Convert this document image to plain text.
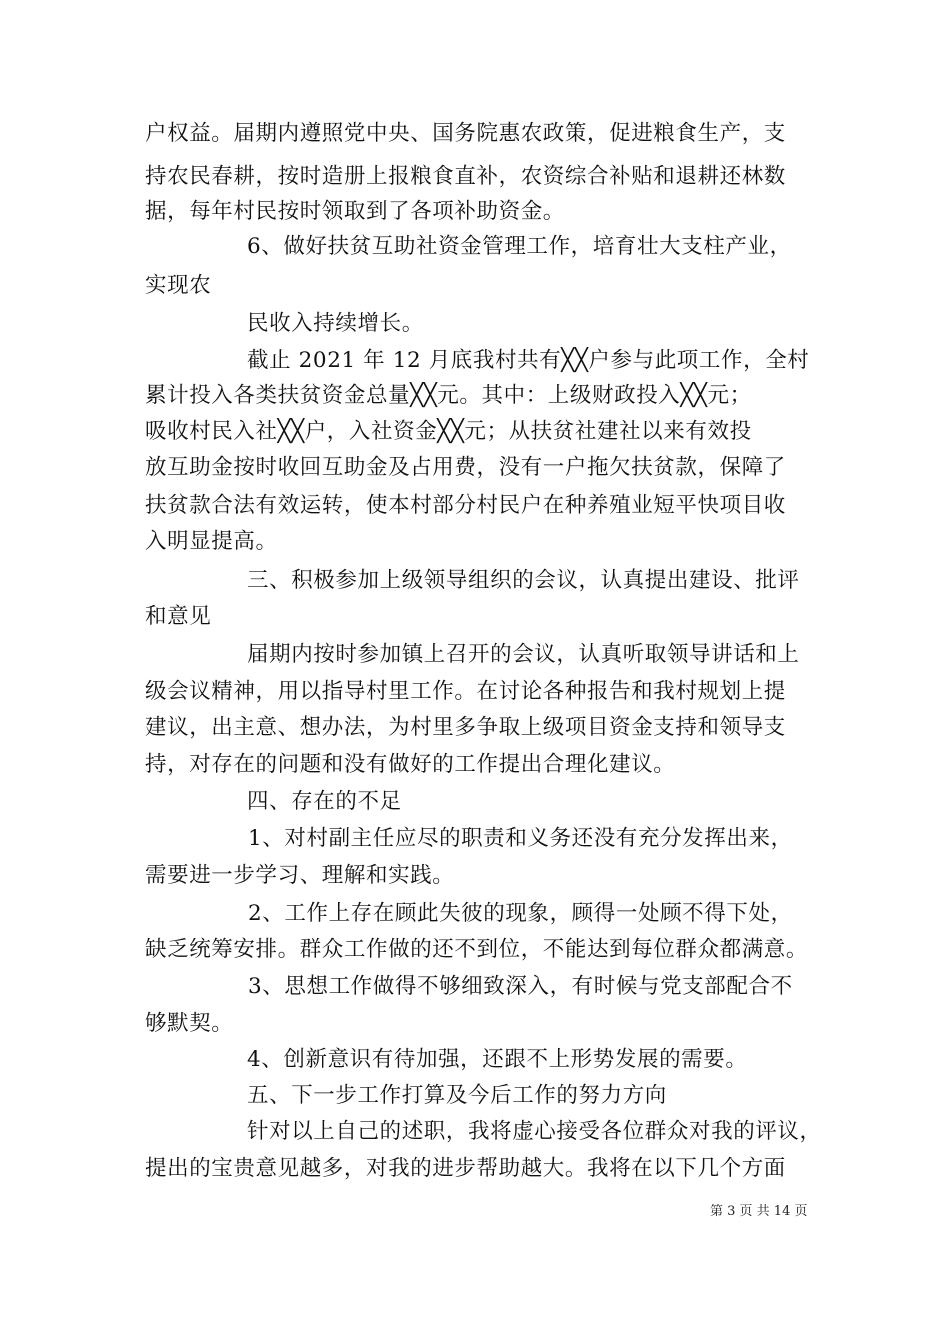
户权益。届期内遵照党中央、国务院惠农政策，促进粮食生产，支
持农民春耕，按时造册上报粮食直补，农资综合补贴和退耕还林数
据，每年村民按时领取到了各项补助资金。
6、做好扶贫互助社资金管理工作，培育壮大支柱产业，
实现农
民收入持续增长。
截止 2021 年 12 月底我村共有╳╳户参与此项工作，全村
累计投入各类扶贫资金总量╳╳元。其中：上级财政投入╳╳元；
吸收村民入社╳╳户，入社资金╳╳元；从扶贫社建社以来有效投
放互助金按时收回互助金及占用费，没有一户拖欠扶贫款，保障了
扶贫款合法有效运转，使本村部分村民户在种养殖业短平快项目收
入明显提高。
三、积极参加上级领导组织的会议，认真提出建设、批评
和意见
届期内按时参加镇上召开的会议，认真听取领导讲话和上
级会议精神，用以指导村里工作。在讨论各种报告和我村规划上提
建议，出主意、想办法，为村里多争取上级项目资金支持和领导支
持，对存在的问题和没有做好的工作提出合理化建议。
四、存在的不足
1、对村副主任应尽的职责和义务还没有充分发挥出来，
需要进一步学习、理解和实践。
2、工作上存在顾此失彼的现象，顾得一处顾不得下处，
缺乏统筹安排。群众工作做的还不到位，不能达到每位群众都满意。
3、思想工作做得不够细致深入，有时候与党支部配合不
够默契。
4、创新意识有待加强，还跟不上形势发展的需要。
五、下一步工作打算及今后工作的努力方向
针对以上自己的述职，我将虚心接受各位群众对我的评议，
提出的宝贵意见越多，对我的进步帮助越大。我将在以下几个方面
第 3 页 共 14 页
